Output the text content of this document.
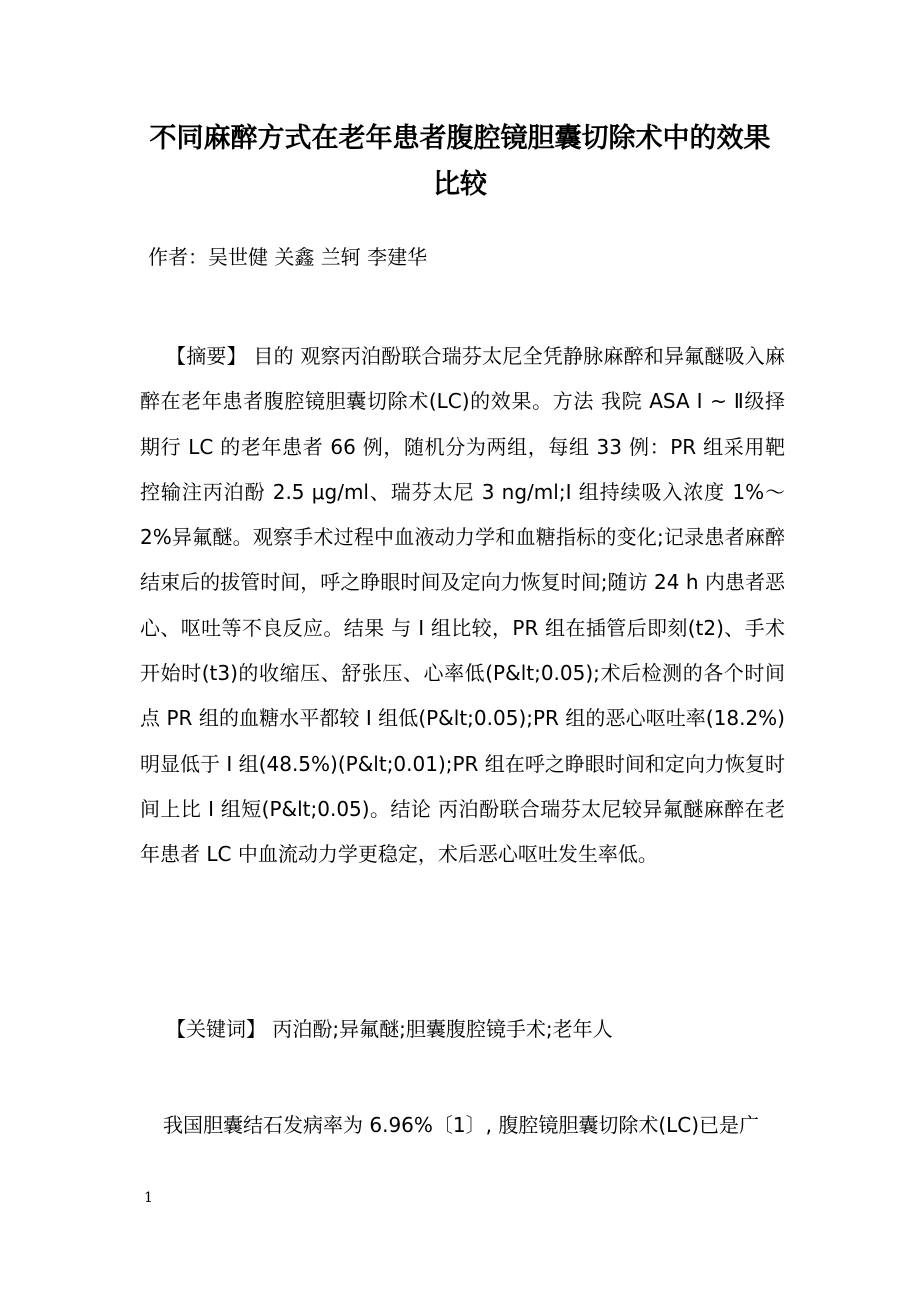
不同麻醉方式在老年患者腹腔镜胆囊切除术中的效果比较
作者：吴世健 关鑫 兰轲 李建华

【摘要】 目的 观察丙泊酚联合瑞芬太尼全凭静脉麻醉和异氟醚吸入麻醉在老年患者腹腔镜胆囊切除术(LC)的效果。方法 我院 ASA Ⅰ ~ Ⅱ级择期行 LC 的老年患者 66 例，随机分为两组，每组 33 例：PR 组采用靶控输注丙泊酚 2.5 μg/ml、瑞芬太尼 3 ng/ml;I 组持续吸入浓度 1%～2%异氟醚。观察手术过程中血液动力学和血糖指标的变化;记录患者麻醉结束后的拔管时间，呼之睁眼时间及定向力恢复时间;随访 24 h 内患者恶心、呕吐等不良反应。结果 与 I 组比较，PR 组在插管后即刻(t2)、手术开始时(t3)的收缩压、舒张压、心率低(P&lt;0.05);术后检测的各个时间点 PR 组的血糖水平都较 I 组低(P&lt;0.05);PR 组的恶心呕吐率(18.2%)明显低于 I 组(48.5%)(P&lt;0.01);PR 组在呼之睁眼时间和定向力恢复时间上比 I 组短(P&lt;0.05)。结论 丙泊酚联合瑞芬太尼较异氟醚麻醉在老年患者 LC 中血流动力学更稳定，术后恶心呕吐发生率低。

【关键词】 丙泊酚;异氟醚;胆囊腹腔镜手术;老年人

我国胆囊结石发病率为 6.96%〔1〕, 腹腔镜胆囊切除术(LC)已是广

1
